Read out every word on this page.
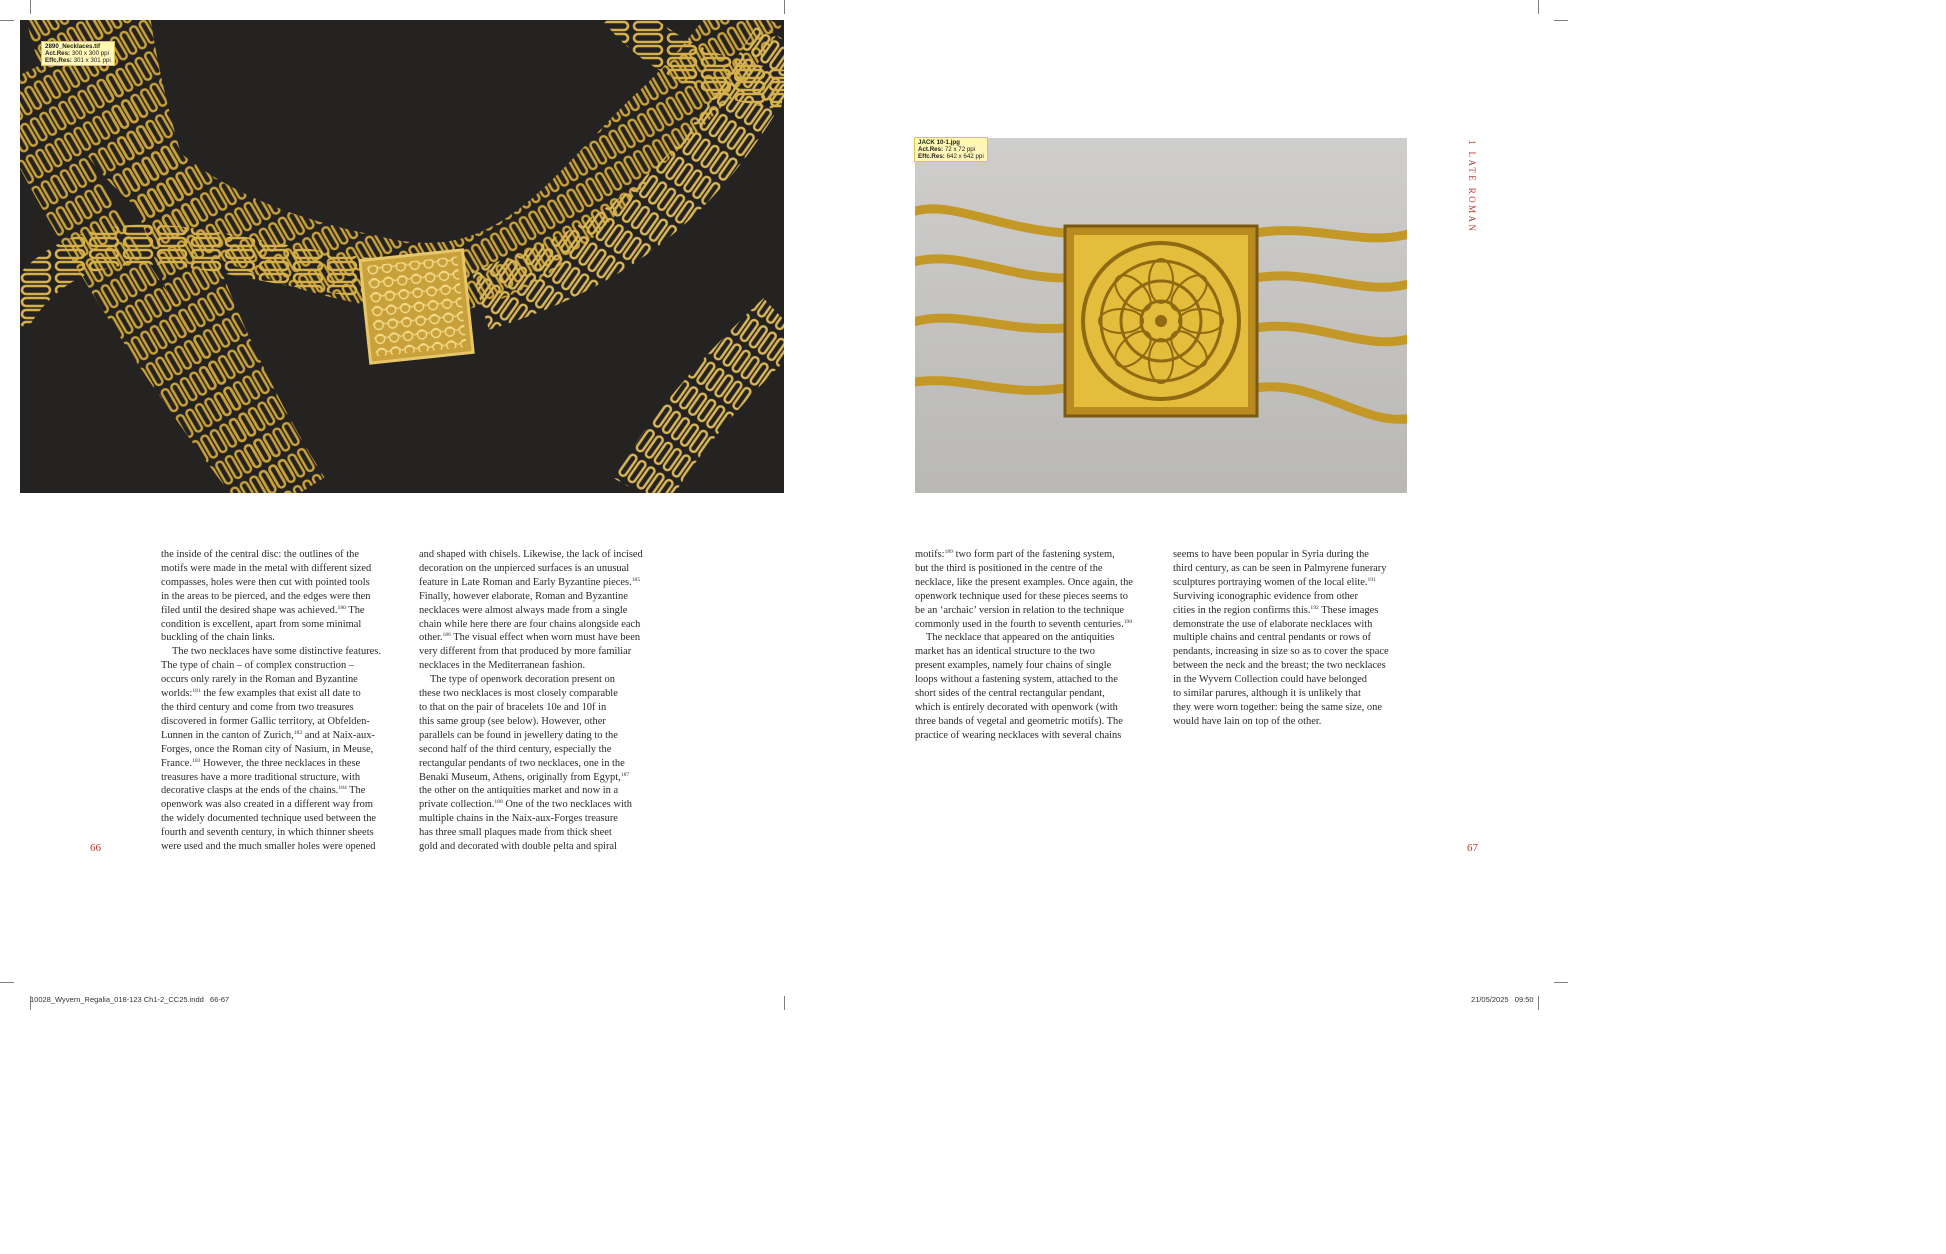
2890_Necklaces.tif
Act.Res: 300 x 300 ppi
Effc.Res: 301 x 301 ppi
JACK 10-1.jpg
Act.Res: 72 x 72 ppi
Effc.Res: 642 x 642 ppi	1 LATE ROMAN
the inside of the central disc: the outlines of the
motifs were made in the metal with different sized
compasses, holes were then cut with pointed tools
in the areas to be pierced, and the edges were then
filed until the desired shape was achieved.$^{180}$ The
condition is excellent, apart from some minimal
buckling of the chain links.
The two necklaces have some distinctive features.
The type of chain – of complex construction –
occurs only rarely in the Roman and Byzantine
worlds:$^{181}$ the few examples that exist all date to
the third century and come from two treasures
discovered in former Gallic territory, at Obfelden-
Lunnen in the canton of Zurich,$^{182}$ and at Naix-aux-
Forges, once the Roman city of Nasium, in Meuse,
France.$^{183}$ However, the three necklaces in these
treasures have a more traditional structure, with
decorative clasps at the ends of the chains.$^{184}$ The
openwork was also created in a different way from
the widely documented technique used between the
fourth and seventh century, in which thinner sheets
were used and the much smaller holes were opened
and shaped with chisels. Likewise, the lack of incised
decoration on the unpierced surfaces is an unusual
feature in Late Roman and Early Byzantine pieces.$^{185}$
Finally, however elaborate, Roman and Byzantine
necklaces were almost always made from a single
chain while here there are four chains alongside each
other.$^{186}$ The visual effect when worn must have been
very different from that produced by more familiar
necklaces in the Mediterranean fashion.
The type of openwork decoration present on
these two necklaces is most closely comparable
to that on the pair of bracelets 10e and 10f in
this same group (see below). However, other
parallels can be found in jewellery dating to the
second half of the third century, especially the
rectangular pendants of two necklaces, one in the
Benaki Museum, Athens, originally from Egypt,$^{187}$
the other on the antiquities market and now in a
private collection.$^{188}$ One of the two necklaces with
multiple chains in the Naix-aux-Forges treasure
has three small plaques made from thick sheet
gold and decorated with double pelta and spiral
motifs:$^{189}$ two form part of the fastening system,
but the third is positioned in the centre of the
necklace, like the present examples. Once again, the
openwork technique used for these pieces seems to
be an ‘archaic’ version in relation to the technique
commonly used in the fourth to seventh centuries.$^{190}$
The necklace that appeared on the antiquities
market has an identical structure to the two
present examples, namely four chains of single
loops without a fastening system, attached to the
short sides of the central rectangular pendant,
which is entirely decorated with openwork (with
three bands of vegetal and geometric motifs). The
practice of wearing necklaces with several chains
seems to have been popular in Syria during the
third century, as can be seen in Palmyrene funerary
sculptures portraying women of the local elite.$^{191}$
Surviving iconographic evidence from other
cities in the region confirms this.$^{192}$ These images
demonstrate the use of elaborate necklaces with
multiple chains and central pendants or rows of
pendants, increasing in size so as to cover the space
between the neck and the breast; the two necklaces
in the Wyvern Collection could have belonged
to similar parures, although it is unlikely that
they were worn together: being the same size, one
would have lain on top of the other.
66	67
10028_Wyvern_Regalia_018-123 Ch1-2_CC25.indd   66-67	21/05/2025   09:50
